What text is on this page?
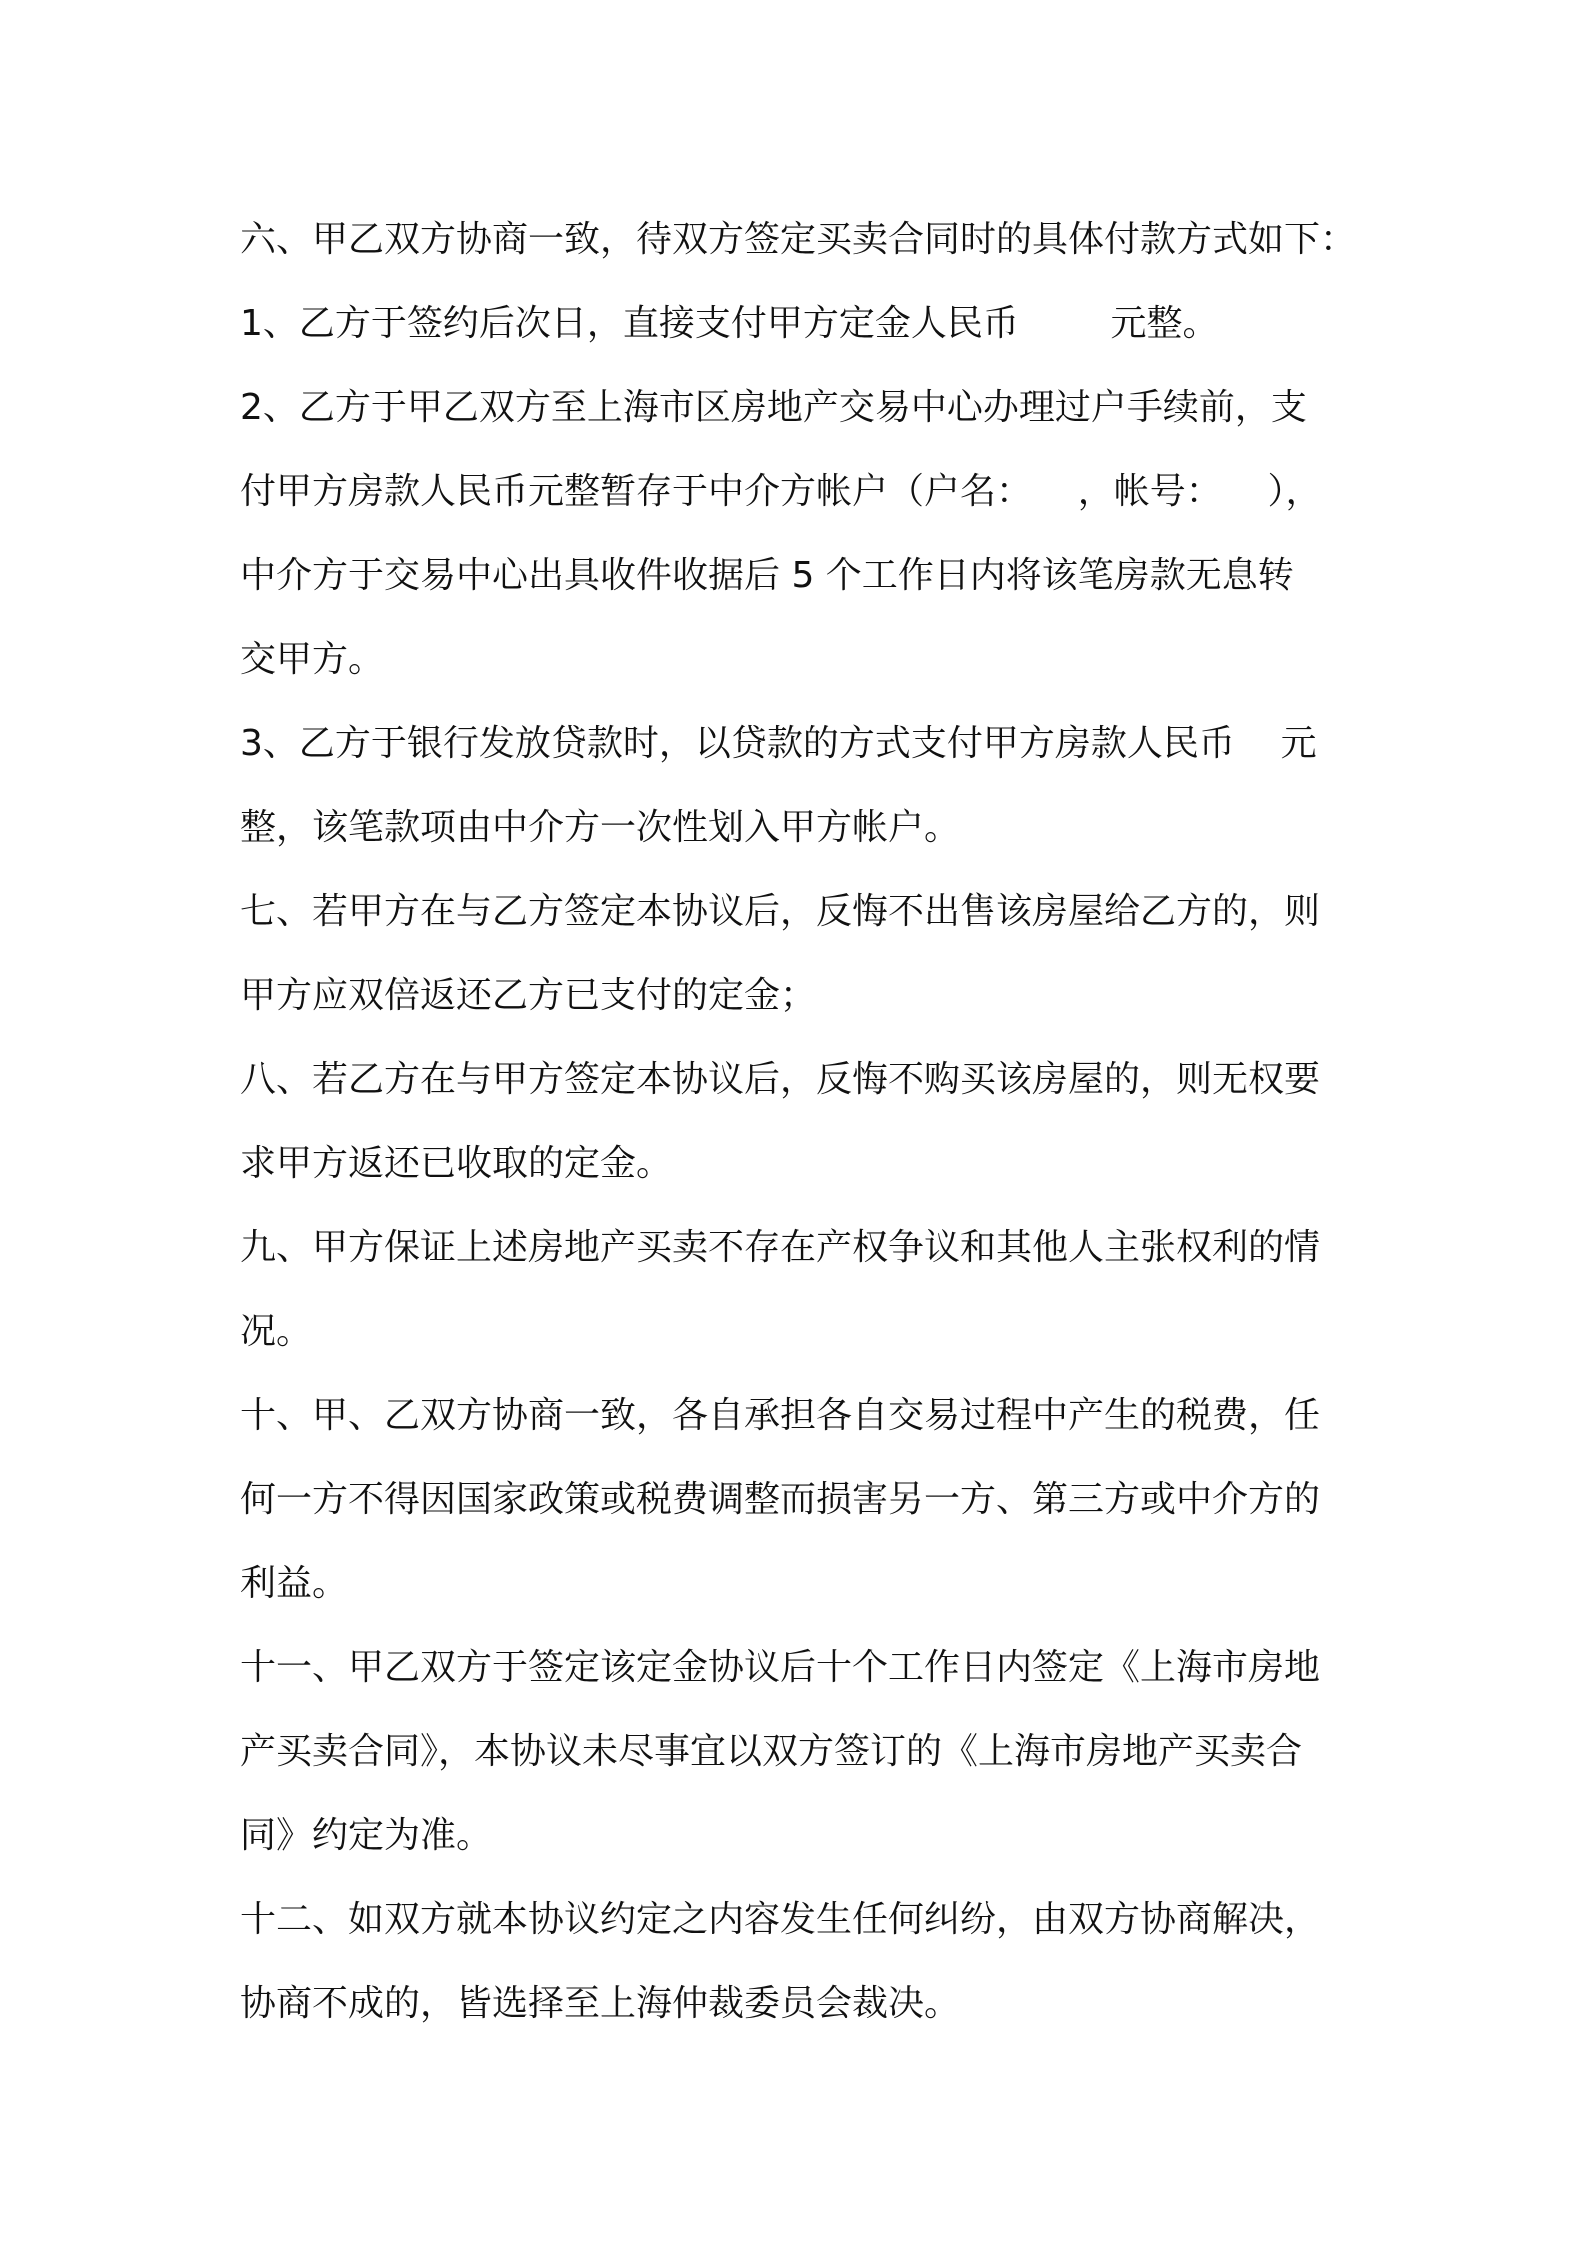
六、甲乙双方协商一致，待双方签定买卖合同时的具体付款方式如下：
1、乙方于签约后次日，直接支付甲方定金人民币        元整。
2、乙方于甲乙双方至上海市区房地产交易中心办理过户手续前，支
付甲方房款人民币元整暂存于中介方帐户（户名：    ，帐号：    ），
中介方于交易中心出具收件收据后 5 个工作日内将该笔房款无息转
交甲方。
3、乙方于银行发放贷款时，以贷款的方式支付甲方房款人民币    元
整，该笔款项由中介方一次性划入甲方帐户。
七、若甲方在与乙方签定本协议后，反悔不出售该房屋给乙方的，则
甲方应双倍返还乙方已支付的定金；
八、若乙方在与甲方签定本协议后，反悔不购买该房屋的，则无权要
求甲方返还已收取的定金。
九、甲方保证上述房地产买卖不存在产权争议和其他人主张权利的情
况。
十、甲、乙双方协商一致，各自承担各自交易过程中产生的税费，任
何一方不得因国家政策或税费调整而损害另一方、第三方或中介方的
利益。
十一、甲乙双方于签定该定金协议后十个工作日内签定《上海市房地
产买卖合同》，本协议未尽事宜以双方签订的《上海市房地产买卖合
同》约定为准。
十二、如双方就本协议约定之内容发生任何纠纷，由双方协商解决，
协商不成的，皆选择至上海仲裁委员会裁决。
